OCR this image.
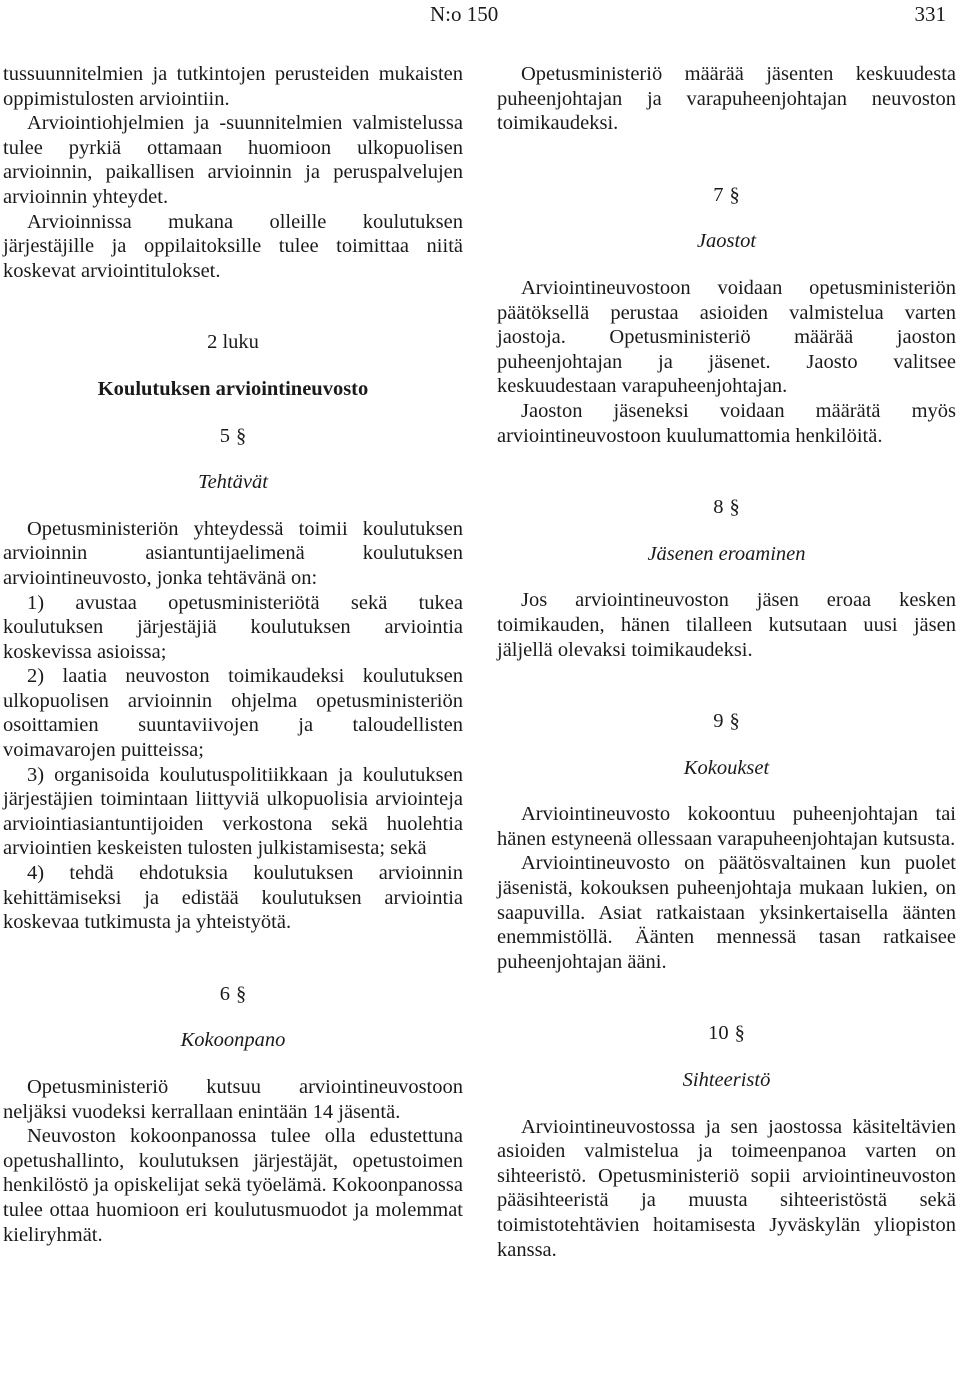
N:o 150	331

tussuunnitelmien ja tutkintojen perusteiden mukaisten oppimistulosten arviointiin.

Arviointiohjelmien ja -suunnitelmien valmistelussa tulee pyrkiä ottamaan huomioon ulkopuolisen arvioinnin, paikallisen arvioinnin ja peruspalvelujen arvioinnin yhteydet.

Arvioinnissa mukana olleille koulutuksen järjestäjille ja oppilaitoksille tulee toimittaa niitä koskevat arviointitulokset.

2 luku
Koulutuksen arviointineuvosto
5 §
Tehtävät

Opetusministeriön yhteydessä toimii koulutuksen arvioinnin asiantuntijaelimenä koulutuksen arviointineuvosto, jonka tehtävänä on:

1) avustaa opetusministeriötä sekä tukea koulutuksen järjestäjiä koulutuksen arviointia koskevissa asioissa;

2) laatia neuvoston toimikaudeksi koulutuksen ulkopuolisen arvioinnin ohjelma opetusministeriön osoittamien suuntaviivojen ja taloudellisten voimavarojen puitteissa;

3) organisoida koulutuspolitiikkaan ja koulutuksen järjestäjien toimintaan liittyviä ulkopuolisia arviointeja arviointiasiantuntijoiden verkostona sekä huolehtia arviointien keskeisten tulosten julkistamisesta; sekä

4) tehdä ehdotuksia koulutuksen arvioinnin kehittämiseksi ja edistää koulutuksen arviointia koskevaa tutkimusta ja yhteistyötä.

6 §
Kokoonpano

Opetusministeriö kutsuu arviointineuvostoon neljäksi vuodeksi kerrallaan enintään 14 jäsentä.

Neuvoston kokoonpanossa tulee olla edustettuna opetushallinto, koulutuksen järjestäjät, opetustoimen henkilöstö ja opiskelijat sekä työelämä. Kokoonpanossa tulee ottaa huomioon eri koulutusmuodot ja molemmat kieliryhmät.

Opetusministeriö määrää jäsenten keskuudesta puheenjohtajan ja varapuheenjohtajan neuvoston toimikaudeksi.

7 §
Jaostot

Arviointineuvostoon voidaan opetusministeriön päätöksellä perustaa asioiden valmistelua varten jaostoja. Opetusministeriö määrää jaoston puheenjohtajan ja jäsenet. Jaosto valitsee keskuudestaan varapuheenjohtajan.

Jaoston jäseneksi voidaan määrätä myös arviointineuvostoon kuulumattomia henkilöitä.

8 §
Jäsenen eroaminen

Jos arviointineuvoston jäsen eroaa kesken toimikauden, hänen tilalleen kutsutaan uusi jäsen jäljellä olevaksi toimikaudeksi.

9 §
Kokoukset

Arviointineuvosto kokoontuu puheenjohtajan tai hänen estyneenä ollessaan varapuheenjohtajan kutsusta.

Arviointineuvosto on päätösvaltainen kun puolet jäsenistä, kokouksen puheenjohtaja mukaan lukien, on saapuvilla. Asiat ratkaistaan yksinkertaisella äänten enemmistöllä. Äänten mennessä tasan ratkaisee puheenjohtajan ääni.

10 §
Sihteeristö

Arviointineuvostossa ja sen jaostossa käsiteltävien asioiden valmistelua ja toimeenpanoa varten on sihteeristö. Opetusministeriö sopii arviointineuvoston pääsihteeristä ja muusta sihteeristöstä sekä toimistotehtävien hoitamisesta Jyväskylän yliopiston kanssa.
